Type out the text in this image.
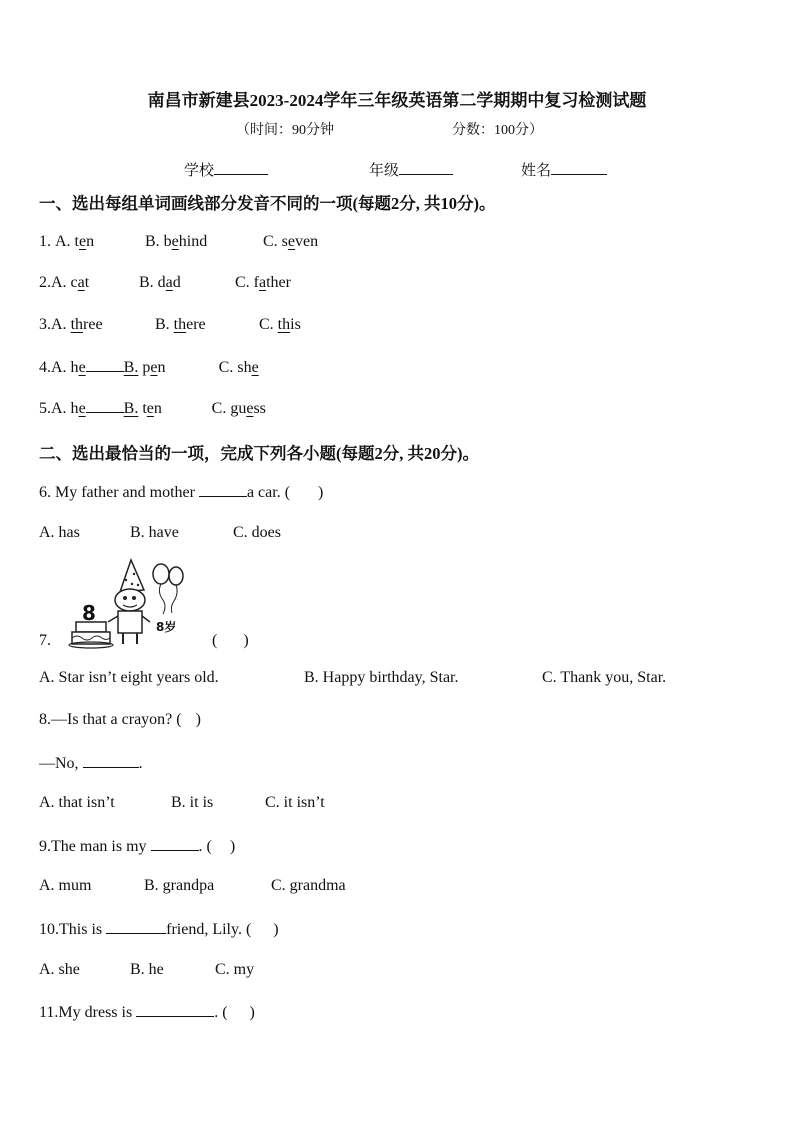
南昌市新建县2023-2024学年三年级英语第二学期期中复习检测试题
（时间：90分钟	分数：100分）
学校	年级	姓名
一、选出每组单词画线部分发音不同的一项(每题2分, 共10分)。
1. A. ten	B. behind	C. seven
2.A. cat	B. dad	C. father
3.A. three	B. there	C. this
4.A. he B. pen	C. she
5.A. he B. ten	C. guess
二、选出最恰当的一项，完成下列各小题(每题2分, 共20分)。
6. My father and mother	a car. ( )
A. has	B. have	C. does
7.
8
8岁
( )
A. Star isn’t eight years old.	B. Happy birthday, Star.	C. Thank you, Star.
8.—Is that a crayon? ( )
—No,	.
A. that isn’t	B. it is	C. it isn’t
9.The man is my	. ( )
A. mum	B. grandpa	C. grandma
10.This is	friend, Lily. ( )
A. she	B. he	C. my
11.My dress is	. ( )
